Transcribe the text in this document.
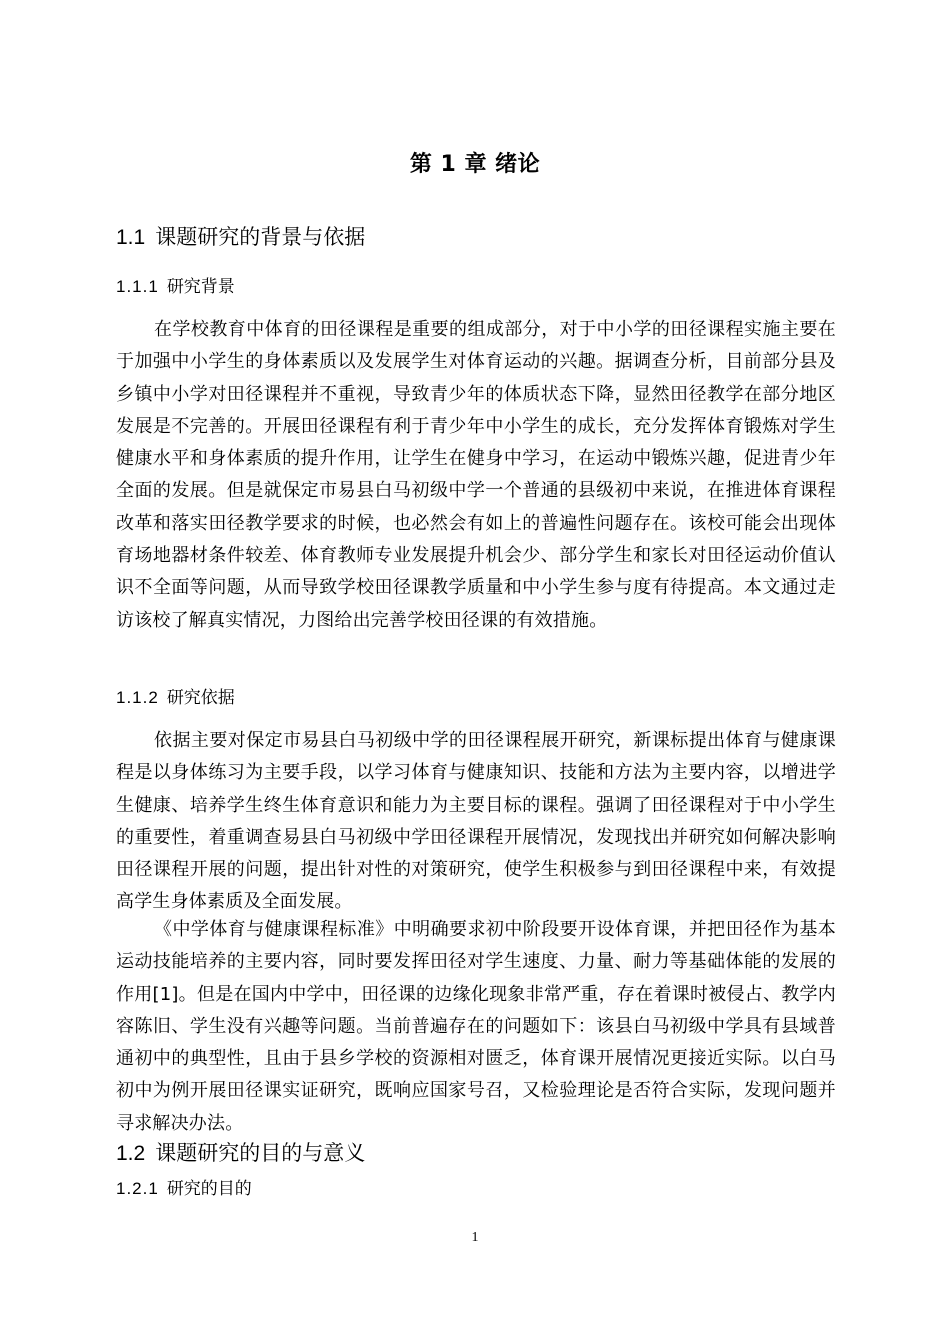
第 1 章 绪论
1.1 课题研究的背景与依据
1.1.1 研究背景

在学校教育中体育的田径课程是重要的组成部分，对于中小学的田径课程实施主要在于加强中小学生的身体素质以及发展学生对体育运动的兴趣。据调查分析，目前部分县及乡镇中小学对田径课程并不重视，导致青少年的体质状态下降，显然田径教学在部分地区发展是不完善的。开展田径课程有利于青少年中小学生的成长，充分发挥体育锻炼对学生健康水平和身体素质的提升作用，让学生在健身中学习，在运动中锻炼兴趣，促进青少年全面的发展。但是就保定市易县白马初级中学一个普通的县级初中来说，在推进体育课程改革和落实田径教学要求的时候，也必然会有如上的普遍性问题存在。该校可能会出现体育场地器材条件较差、体育教师专业发展提升机会少、部分学生和家长对田径运动价值认识不全面等问题，从而导致学校田径课教学质量和中小学生参与度有待提高。本文通过走访该校了解真实情况，力图给出完善学校田径课的有效措施。

1.1.2 研究依据

依据主要对保定市易县白马初级中学的田径课程展开研究，新课标提出体育与健康课程是以身体练习为主要手段，以学习体育与健康知识、技能和方法为主要内容，以增进学生健康、培养学生终生体育意识和能力为主要目标的课程。强调了田径课程对于中小学生的重要性，着重调查易县白马初级中学田径课程开展情况，发现找出并研究如何解决影响田径课程开展的问题，提出针对性的对策研究，使学生积极参与到田径课程中来，有效提高学生身体素质及全面发展。

《中学体育与健康课程标准》中明确要求初中阶段要开设体育课，并把田径作为基本运动技能培养的主要内容，同时要发挥田径对学生速度、力量、耐力等基础体能的发展的作用[1]。但是在国内中学中，田径课的边缘化现象非常严重，存在着课时被侵占、教学内容陈旧、学生没有兴趣等问题。当前普遍存在的问题如下：该县白马初级中学具有县域普通初中的典型性，且由于县乡学校的资源相对匮乏，体育课开展情况更接近实际。以白马初中为例开展田径课实证研究，既响应国家号召，又检验理论是否符合实际，发现问题并寻求解决办法。

1.2 课题研究的目的与意义
1.2.1 研究的目的
1
